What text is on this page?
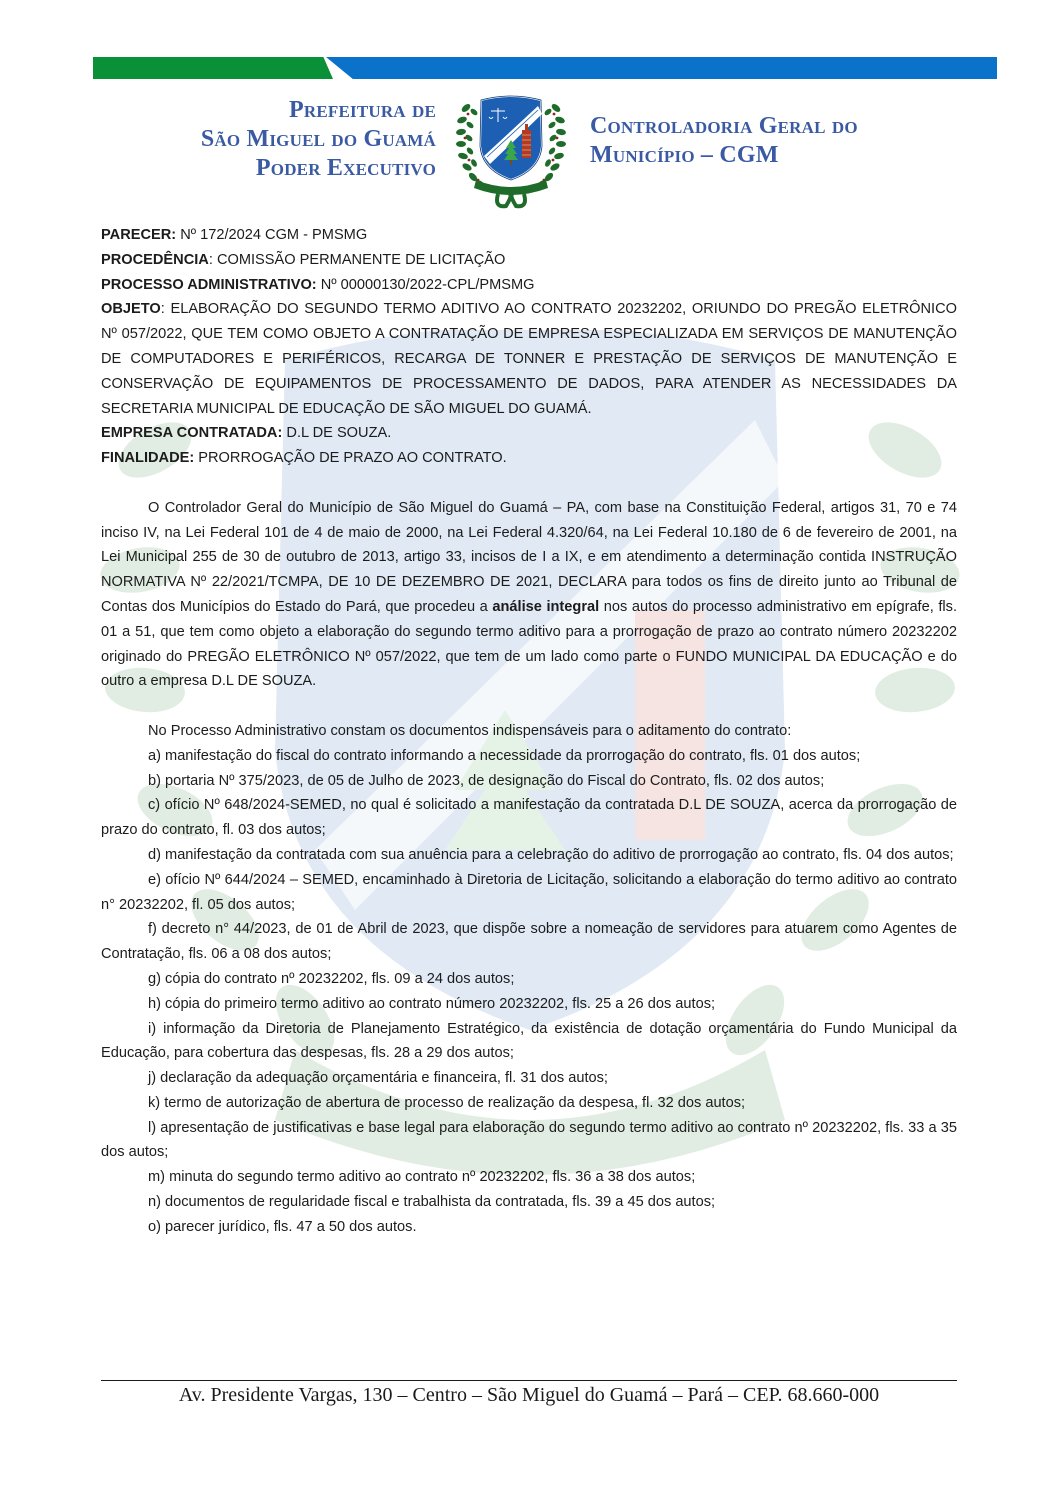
Prefeitura de
São Miguel do Guamá
Poder Executivo
Controladoria Geral do
Município – CGM

PARECER: Nº 172/2024 CGM - PMSMG

PROCEDÊNCIA: COMISSÃO PERMANENTE DE LICITAÇÃO

PROCESSO ADMINISTRATIVO: Nº 00000130/2022-CPL/PMSMG

OBJETO: ELABORAÇÃO DO SEGUNDO TERMO ADITIVO AO CONTRATO 20232202, ORIUNDO DO PREGÃO ELETRÔNICO Nº 057/2022, QUE TEM COMO OBJETO A CONTRATAÇÃO DE EMPRESA ESPECIALIZADA EM SERVIÇOS DE MANUTENÇÃO DE COMPUTADORES E PERIFÉRICOS, RECARGA DE TONNER E PRESTAÇÃO DE SERVIÇOS DE MANUTENÇÃO E CONSERVAÇÃO DE EQUIPAMENTOS DE PROCESSAMENTO DE DADOS, PARA ATENDER AS NECESSIDADES DA SECRETARIA MUNICIPAL DE EDUCAÇÃO DE SÃO MIGUEL DO GUAMÁ.

EMPRESA CONTRATADA: D.L DE SOUZA.

FINALIDADE: PRORROGAÇÃO DE PRAZO AO CONTRATO.

O Controlador Geral do Município de São Miguel do Guamá – PA, com base na Constituição Federal, artigos 31, 70 e 74 inciso IV, na Lei Federal 101 de 4 de maio de 2000, na Lei Federal 4.320/64, na Lei Federal 10.180 de 6 de fevereiro de 2001, na Lei Municipal 255 de 30 de outubro de 2013, artigo 33, incisos de I a IX, e em atendimento a determinação contida INSTRUÇÃO NORMATIVA Nº 22/2021/TCMPA, DE 10 DE DEZEMBRO DE 2021, DECLARA para todos os fins de direito junto ao Tribunal de Contas dos Municípios do Estado do Pará, que procedeu a análise integral nos autos do processo administrativo em epígrafe, fls. 01 a 51, que tem como objeto a elaboração do segundo termo aditivo para a prorrogação de prazo ao contrato número 20232202 originado do PREGÃO ELETRÔNICO Nº 057/2022, que tem de um lado como parte o FUNDO MUNICIPAL DA EDUCAÇÃO e do outro a empresa D.L DE SOUZA.

No Processo Administrativo constam os documentos indispensáveis para o aditamento do contrato:

a) manifestação do fiscal do contrato informando a necessidade da prorrogação do contrato, fls. 01 dos autos;

b) portaria Nº 375/2023, de 05 de Julho de 2023, de designação do Fiscal do Contrato, fls. 02 dos autos;

c) ofício Nº 648/2024-SEMED, no qual é solicitado a manifestação da contratada D.L DE SOUZA, acerca da prorrogação de prazo do contrato, fl. 03 dos autos;

d) manifestação da contratada com sua anuência para a celebração do aditivo de prorrogação ao contrato, fls. 04 dos autos;

e) ofício Nº 644/2024 – SEMED, encaminhado à Diretoria de Licitação, solicitando a elaboração do termo aditivo ao contrato n° 20232202, fl. 05 dos autos;

f) decreto n° 44/2023, de 01 de Abril de 2023, que dispõe sobre a nomeação de servidores para atuarem como Agentes de Contratação, fls. 06 a 08 dos autos;

g) cópia do contrato nº 20232202, fls. 09 a 24 dos autos;

h) cópia do primeiro termo aditivo ao contrato número 20232202, fls. 25 a 26 dos autos;

i) informação da Diretoria de Planejamento Estratégico, da existência de dotação orçamentária do Fundo Municipal da Educação, para cobertura das despesas, fls. 28 a 29 dos autos;

j) declaração da adequação orçamentária e financeira, fl. 31 dos autos;

k) termo de autorização de abertura de processo de realização da despesa, fl. 32 dos autos;

l) apresentação de justificativas e base legal para elaboração do segundo termo aditivo ao contrato nº 20232202, fls. 33 a 35 dos autos;

m) minuta do segundo termo aditivo ao contrato nº 20232202, fls. 36 a 38 dos autos;

n) documentos de regularidade fiscal e trabalhista da contratada, fls. 39 a 45 dos autos;

o) parecer jurídico, fls. 47 a 50 dos autos.

Av. Presidente Vargas, 130 – Centro – São Miguel do Guamá – Pará – CEP. 68.660-000
